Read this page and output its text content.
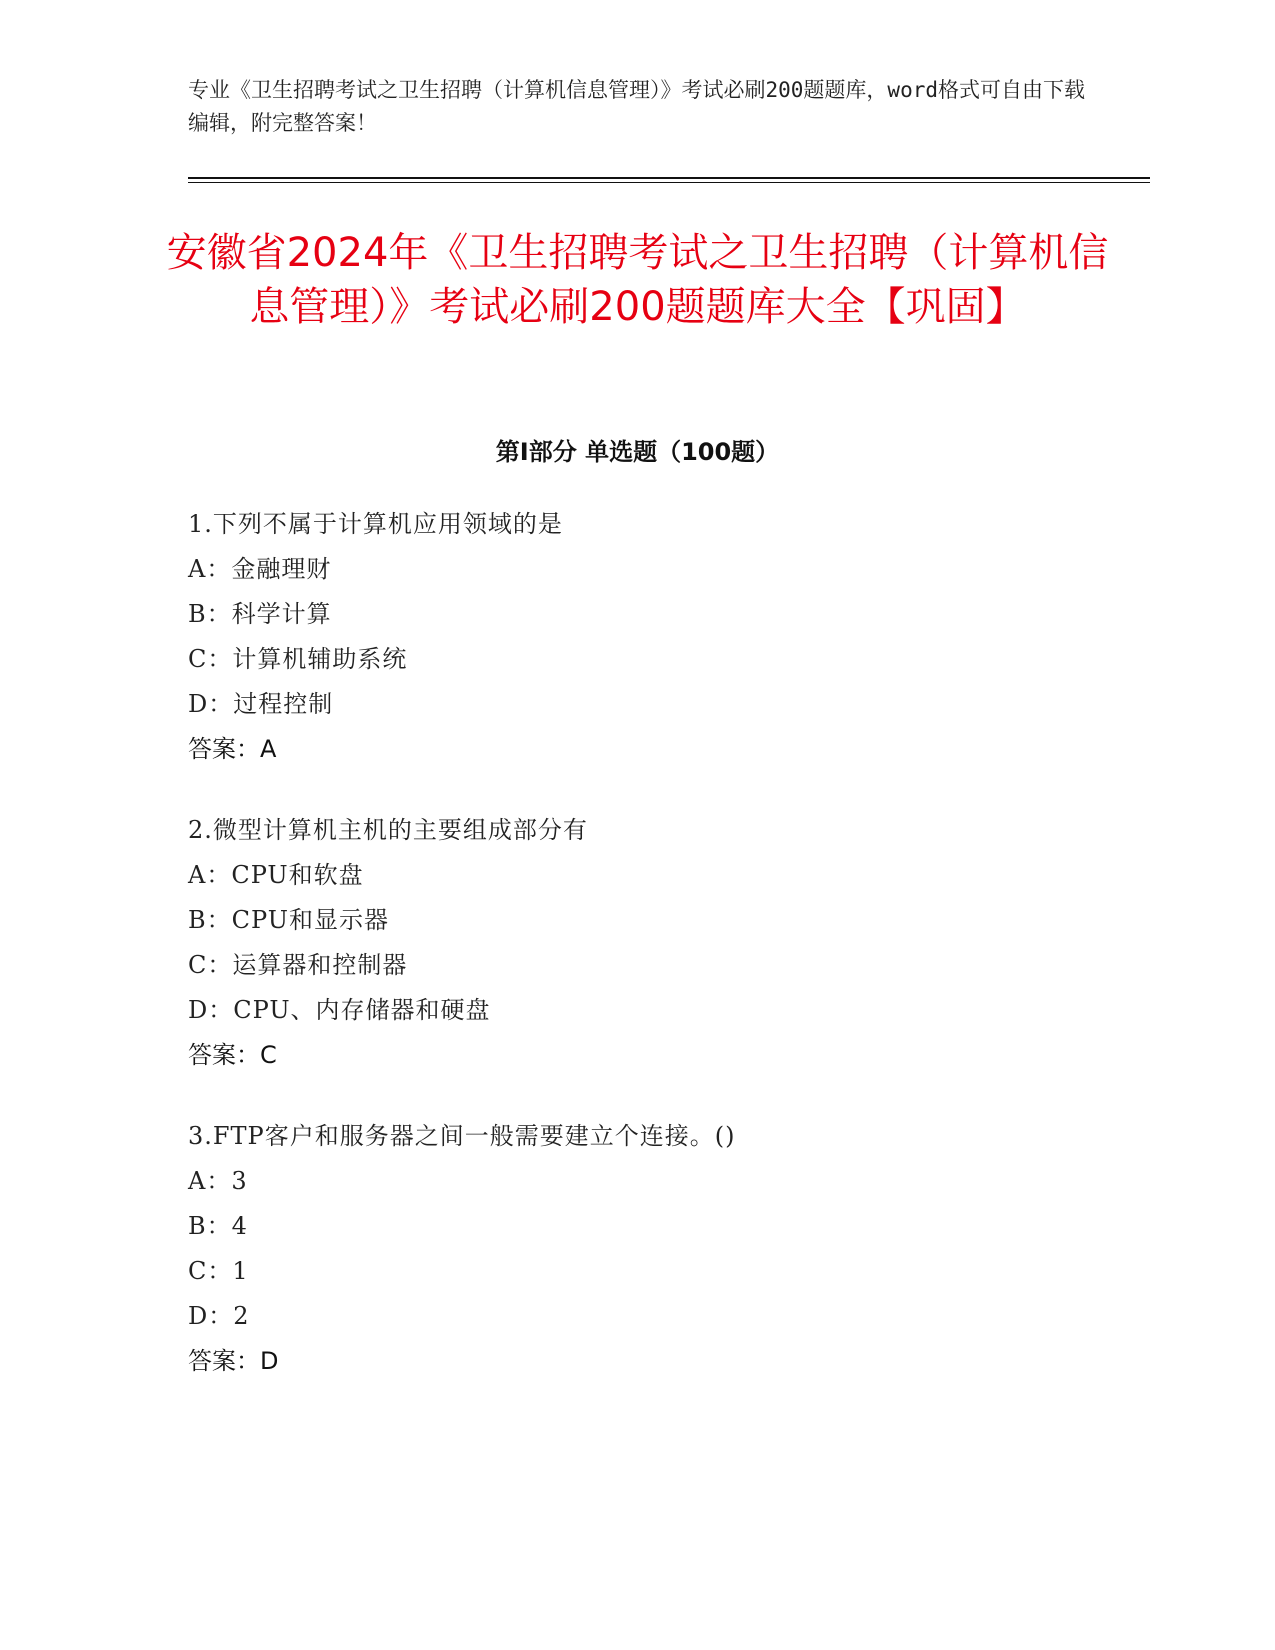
专业《卫生招聘考试之卫生招聘（计算机信息管理）》考试必刷200题题库，word格式可自由下载编辑，附完整答案！
安徽省2024年《卫生招聘考试之卫生招聘（计算机信息管理）》考试必刷200题题库大全【巩固】
第Ⅰ部分 单选题（100题）
1.下列不属于计算机应用领域的是
A：金融理财
B：科学计算
C：计算机辅助系统
D：过程控制
答案：A
2.微型计算机主机的主要组成部分有
A：CPU和软盘
B：CPU和显示器
C：运算器和控制器
D：CPU、内存储器和硬盘
答案：C
3.FTP客户和服务器之间一般需要建立个连接。()
A：3
B：4
C：1
D：2
答案：D
